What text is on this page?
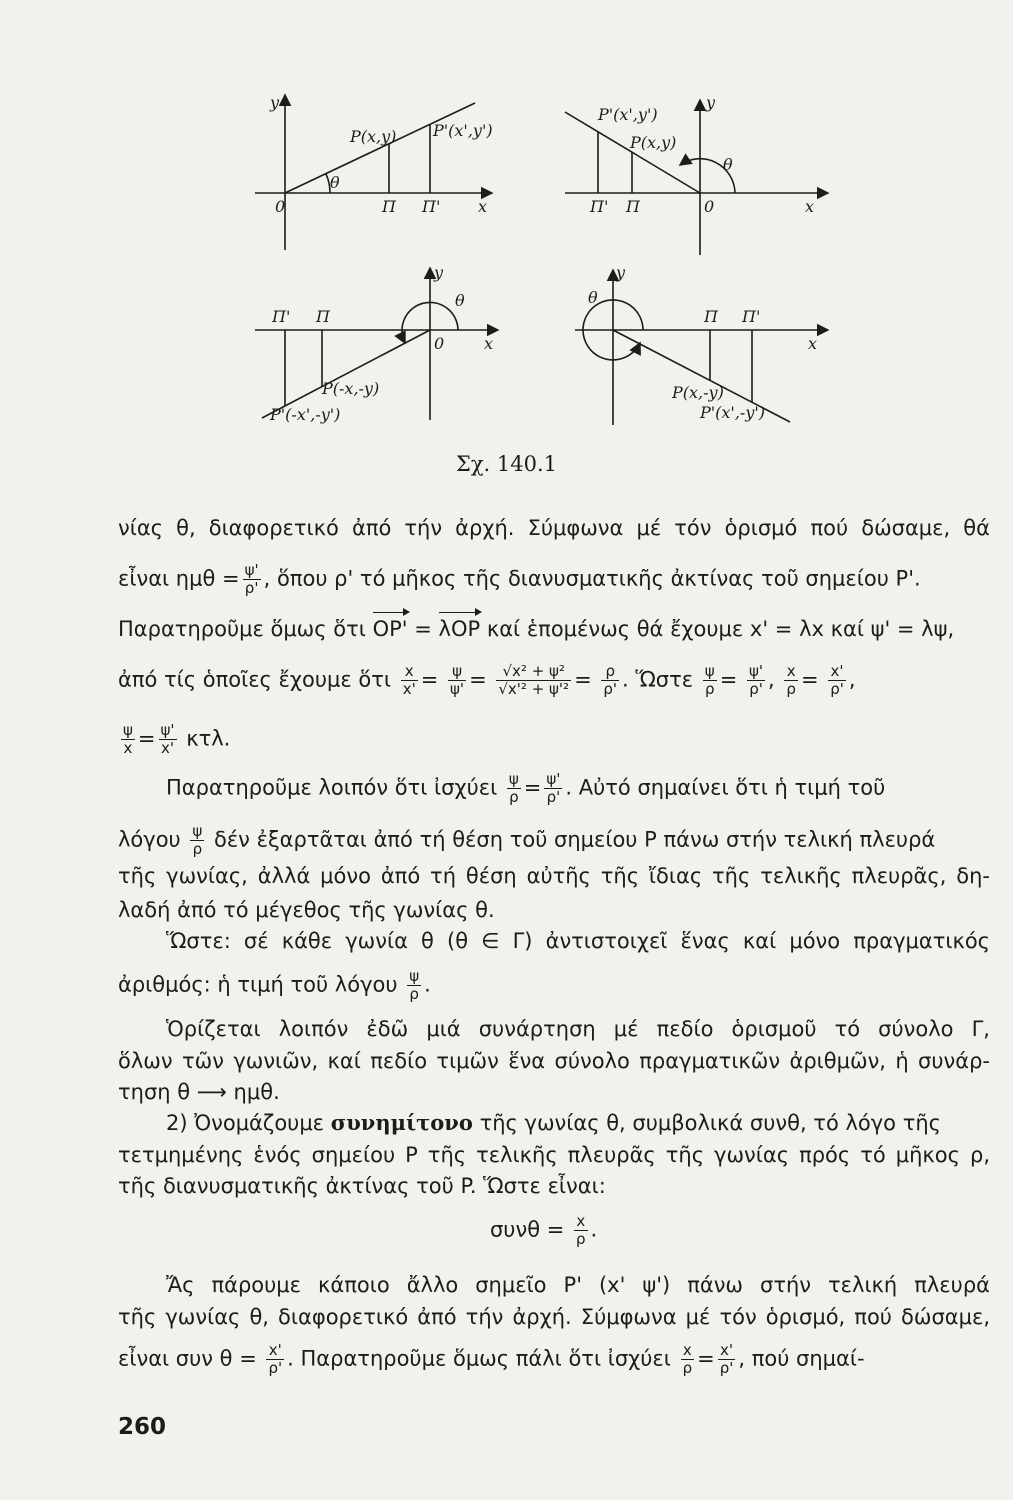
y
P(x,y) P'(x',y')
θ
0	Π Π' x
P'(x',y')
P(x,y)
y
θ
Π' Π	0	x
y
θ
Π' Π
0 x
P(-x,-y)
P'(-x',-y')
y
θ
Π Π'
x
P(x,-y)
P'(x',-y')
Σχ. 140.1
νίας θ, διαφορετικό ἀπό τήν ἀρχή. Σύμφωνα μέ τόν ὁρισμό πού δώσαμε, θά
εἶναι $\eta\mu\theta = \frac{\psi'}{\rho'}$ , ὅπου ρ' τό μῆκος τῆς διανυσματικῆς ἀκτίνας τοῦ σημείου P'.
Παρατηροῦμε ὅμως ὅτι OP' = λOP καί ἑπομένως θά ἔχουμε x' = λx καί ψ' = λψ,
ἀπό τίς ὁποῖες ἔχουμε ὅτι $\frac{x}{x'} = \frac{\psi}{\psi'} = \frac{\text{√x² + ψ²}}{\text{√x'² + ψ'²}} = \frac{\rho}{\rho'}$ . Ὥστε $\frac{\psi}{\rho} = \frac{\psi'}{\rho'}$ , $\frac{x}{\rho} = \frac{x'}{\rho'}$ ,
$\frac{\psi}{x} = \frac{\psi'}{x'} \kappa\tau\lambda$.
Παρατηροῦμε λοιπόν ὅτι ἰσχύει $\frac{\psi}{\rho} = \frac{\psi'}{\rho'}$ . Αὐτό σημαίνει ὅτι ἡ τιμή τοῦ
λόγου $\frac{\psi}{\rho}$ δέν ἐξαρτᾶται ἀπό τή θέση τοῦ σημείου P πάνω στήν τελική πλευρά
τῆς γωνίας, ἀλλά μόνο ἀπό τή θέση αὐτῆς τῆς ἴδιας τῆς τελικῆς πλευρᾶς, δη-
λαδή ἀπό τό μέγεθος τῆς γωνίας θ.
Ὥστε: σέ κάθε γωνία θ (θ ∈ Γ) ἀντιστοιχεῖ ἕνας καί μόνο πραγματικός
ἀριθμός: ἡ τιμή τοῦ λόγου $\frac{\psi}{\rho}$ .
Ὁρίζεται λοιπόν ἐδῶ μιά συνάρτηση μέ πεδίο ὁρισμοῦ τό σύνολο Γ,
ὅλων τῶν γωνιῶν, καί πεδίο τιμῶν ἕνα σύνολο πραγματικῶν ἀριθμῶν, ἡ συνάρ-
τηση θ ⟶ ημθ.
2) Ὀνομάζουμε συνημίτονο τῆς γωνίας θ, συμβολικά συνθ, τό λόγο τῆς
τετμημένης ἑνός σημείου P τῆς τελικῆς πλευρᾶς τῆς γωνίας πρός τό μῆκος ρ,
τῆς διανυσματικῆς ἀκτίνας τοῦ P. Ὥστε εἶναι:
$\sigma\upsilon\nu\theta = \frac{x}{\rho}$ .
Ἄς πάρουμε κάποιο ἄλλο σημεῖο P' (x' ψ') πάνω στήν τελική πλευρά
τῆς γωνίας θ, διαφορετικό ἀπό τήν ἀρχή. Σύμφωνα μέ τόν ὁρισμό, πού δώσαμε,
εἶναι συν $\theta = \frac{x'}{\rho'}$ . Παρατηροῦμε ὅμως πάλι ὅτι ἰσχύει $\frac{x}{\rho} = \frac{x'}{\rho'}$ , πού σημαί-
260
